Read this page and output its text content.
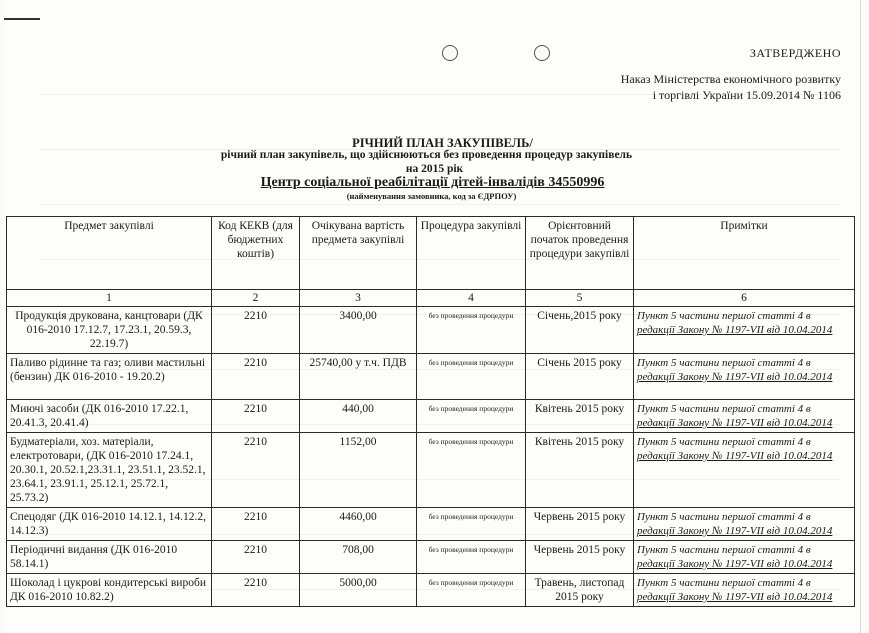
ЗАТВЕРДЖЕНО
Наказ Міністерства економічного розвитку
і торгівлі України 15.09.2014 № 1106
РІЧНИЙ ПЛАН ЗАКУПІВЕЛЬ/
річний план закупівель, що здійснюються без проведення процедур закупівель
на 2015 рік
Центр соціальної реабілітації дітей-інвалідів 34550996
(найменування замовника, код за ЄДРПОУ)
Предмет закупівлі	Код КЕКВ (для бюджетних коштів)	Очікувана вартість предмета закупівлі	Процедура закупівлі	Орієнтовний початок проведення процедури закупівлі	Примітки
1	2	3	4	5	6
Продукція друкована, канцтовари (ДК 016-2010 17.12.7, 17.23.1, 20.59.3, 22.19.7)	2210	3400,00	без проведення процедури	Січень,2015 року	Пункт 5 частини першої статті 4 в
редакції Закону № 1197-VII від 10.04.2014
Паливо рідинне та газ; оливи мастильні (бензин) ДК 016-2010 - 19.20.2)	2210	25740,00 у т.ч. ПДВ	без проведення процедури	Січень 2015 року	Пункт 5 частини першої статті 4 в
редакції Закону № 1197-VII від 10.04.2014
Миючі засоби (ДК 016-2010 17.22.1, 20.41.3, 20.41.4)	2210	440,00	без проведення процедури	Квітень 2015 року	Пункт 5 частини першої статті 4 в
редакції Закону № 1197-VII від 10.04.2014
Будматеріали, хоз. матеріали, електротовари, (ДК 016-2010 17.24.1, 20.30.1, 20.52.1,23.31.1, 23.51.1, 23.52.1, 23.64.1, 23.91.1, 25.12.1, 25.72.1, 25.73.2)	2210	1152,00	без проведення процедури	Квітень 2015 року	Пункт 5 частини першої статті 4 в
редакції Закону № 1197-VII від 10.04.2014
Спецодяг (ДК 016-2010 14.12.1, 14.12.2, 14.12.3)	2210	4460,00	без проведення процедури	Червень 2015 року	Пункт 5 частини першої статті 4 в
редакції Закону № 1197-VII від 10.04.2014
Періодичні видання (ДК 016-2010 58.14.1)	2210	708,00	без проведення процедури	Червень 2015 року	Пункт 5 частини першої статті 4 в
редакції Закону № 1197-VII від 10.04.2014
Шоколад і цукрові кондитерські вироби ДК 016-2010 10.82.2)	2210	5000,00	без проведення процедури	Травень, листопад 2015 року	Пункт 5 частини першої статті 4 в
редакції Закону № 1197-VII від 10.04.2014
